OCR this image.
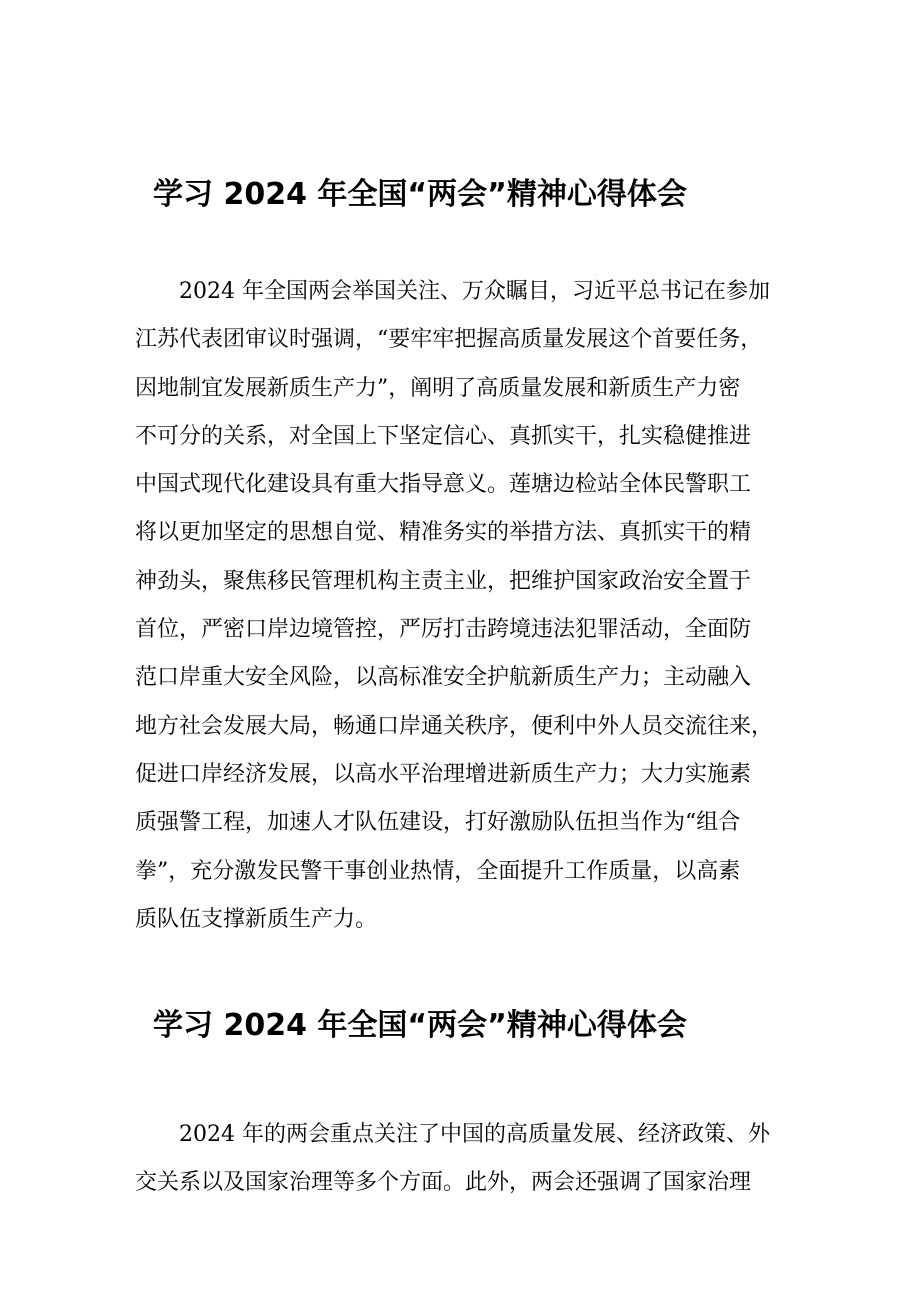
学习 2024 年全国“两会”精神心得体会
2024 年全国两会举国关注、万众瞩目，习近平总书记在参加
江苏代表团审议时强调，“要牢牢把握高质量发展这个首要任务，
因地制宜发展新质生产力”，阐明了高质量发展和新质生产力密
不可分的关系，对全国上下坚定信心、真抓实干，扎实稳健推进
中国式现代化建设具有重大指导意义。莲塘边检站全体民警职工
将以更加坚定的思想自觉、精准务实的举措方法、真抓实干的精
神劲头，聚焦移民管理机构主责主业，把维护国家政治安全置于
首位，严密口岸边境管控，严厉打击跨境违法犯罪活动，全面防
范口岸重大安全风险，以高标准安全护航新质生产力；主动融入
地方社会发展大局，畅通口岸通关秩序，便利中外人员交流往来，
促进口岸经济发展，以高水平治理增进新质生产力；大力实施素
质强警工程，加速人才队伍建设，打好激励队伍担当作为“组合
拳”，充分激发民警干事创业热情，全面提升工作质量，以高素
质队伍支撑新质生产力。
学习 2024 年全国“两会”精神心得体会
2024 年的两会重点关注了中国的高质量发展、经济政策、外
交关系以及国家治理等多个方面。此外，两会还强调了国家治理
